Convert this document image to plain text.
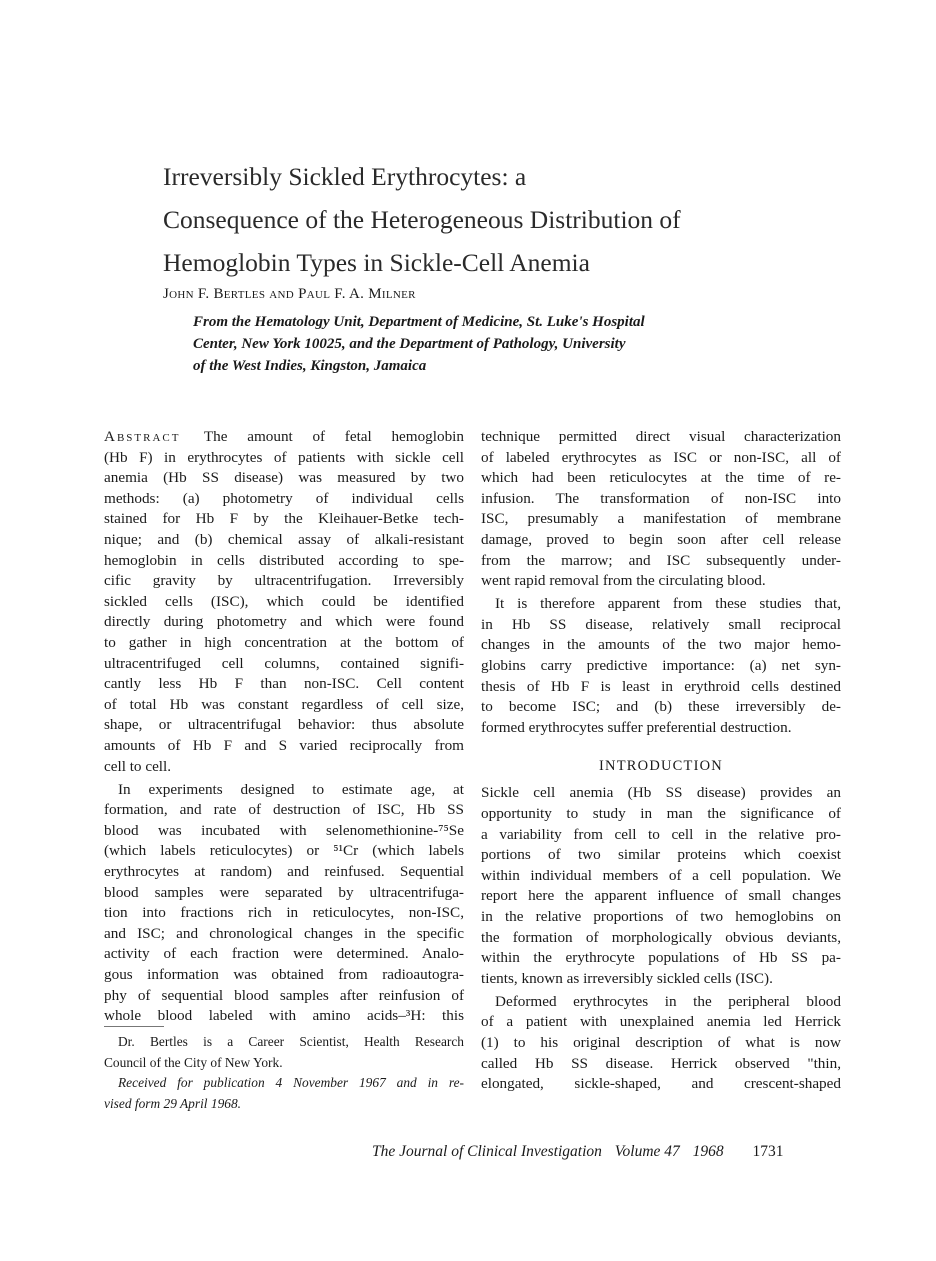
Irreversibly Sickled Erythrocytes: a
Consequence of the Heterogeneous Distribution of
Hemoglobin Types in Sickle-Cell Anemia
John F. Bertles and Paul F. A. Milner
From the Hematology Unit, Department of Medicine, St. Luke's Hospital
Center, New York 10025, and the Department of Pathology, University
of the West Indies, Kingston, Jamaica
Abstract The amount of fetal hemoglobin
(Hb F) in erythrocytes of patients with sickle cell
anemia (Hb SS disease) was measured by two
methods: (a) photometry of individual cells
stained for Hb F by the Kleihauer-Betke tech-
nique; and (b) chemical assay of alkali-resistant
hemoglobin in cells distributed according to spe-
cific gravity by ultracentrifugation. Irreversibly
sickled cells (ISC), which could be identified
directly during photometry and which were found
to gather in high concentration at the bottom of
ultracentrifuged cell columns, contained signifi-
cantly less Hb F than non-ISC. Cell content
of total Hb was constant regardless of cell size,
shape, or ultracentrifugal behavior: thus absolute
amounts of Hb F and S varied reciprocally from
cell to cell.
In experiments designed to estimate age, at
formation, and rate of destruction of ISC, Hb SS
blood was incubated with selenomethionine-⁷⁵Se
(which labels reticulocytes) or ⁵¹Cr (which labels
erythrocytes at random) and reinfused. Sequential
blood samples were separated by ultracentrifuga-
tion into fractions rich in reticulocytes, non-ISC,
and ISC; and chronological changes in the specific
activity of each fraction were determined. Analo-
gous information was obtained from radioautogra-
phy of sequential blood samples after reinfusion of
whole blood labeled with amino acids–³H: this
Dr. Bertles is a Career Scientist, Health Research
Council of the City of New York.
Received for publication 4 November 1967 and in re-
vised form 29 April 1968.
technique permitted direct visual characterization
of labeled erythrocytes as ISC or non-ISC, all of
which had been reticulocytes at the time of re-
infusion. The transformation of non-ISC into
ISC, presumably a manifestation of membrane
damage, proved to begin soon after cell release
from the marrow; and ISC subsequently under-
went rapid removal from the circulating blood.
It is therefore apparent from these studies that,
in Hb SS disease, relatively small reciprocal
changes in the amounts of the two major hemo-
globins carry predictive importance: (a) net syn-
thesis of Hb F is least in erythroid cells destined
to become ISC; and (b) these irreversibly de-
formed erythrocytes suffer preferential destruction.
INTRODUCTION
Sickle cell anemia (Hb SS disease) provides an
opportunity to study in man the significance of
a variability from cell to cell in the relative pro-
portions of two similar proteins which coexist
within individual members of a cell population. We
report here the apparent influence of small changes
in the relative proportions of two hemoglobins on
the formation of morphologically obvious deviants,
within the erythrocyte populations of Hb SS pa-
tients, known as irreversibly sickled cells (ISC).
Deformed erythrocytes in the peripheral blood
of a patient with unexplained anemia led Herrick
(1) to his original description of what is now
called Hb SS disease. Herrick observed "thin,
elongated, sickle-shaped, and crescent-shaped
The Journal of Clinical Investigation Volume 47 1968 1731
